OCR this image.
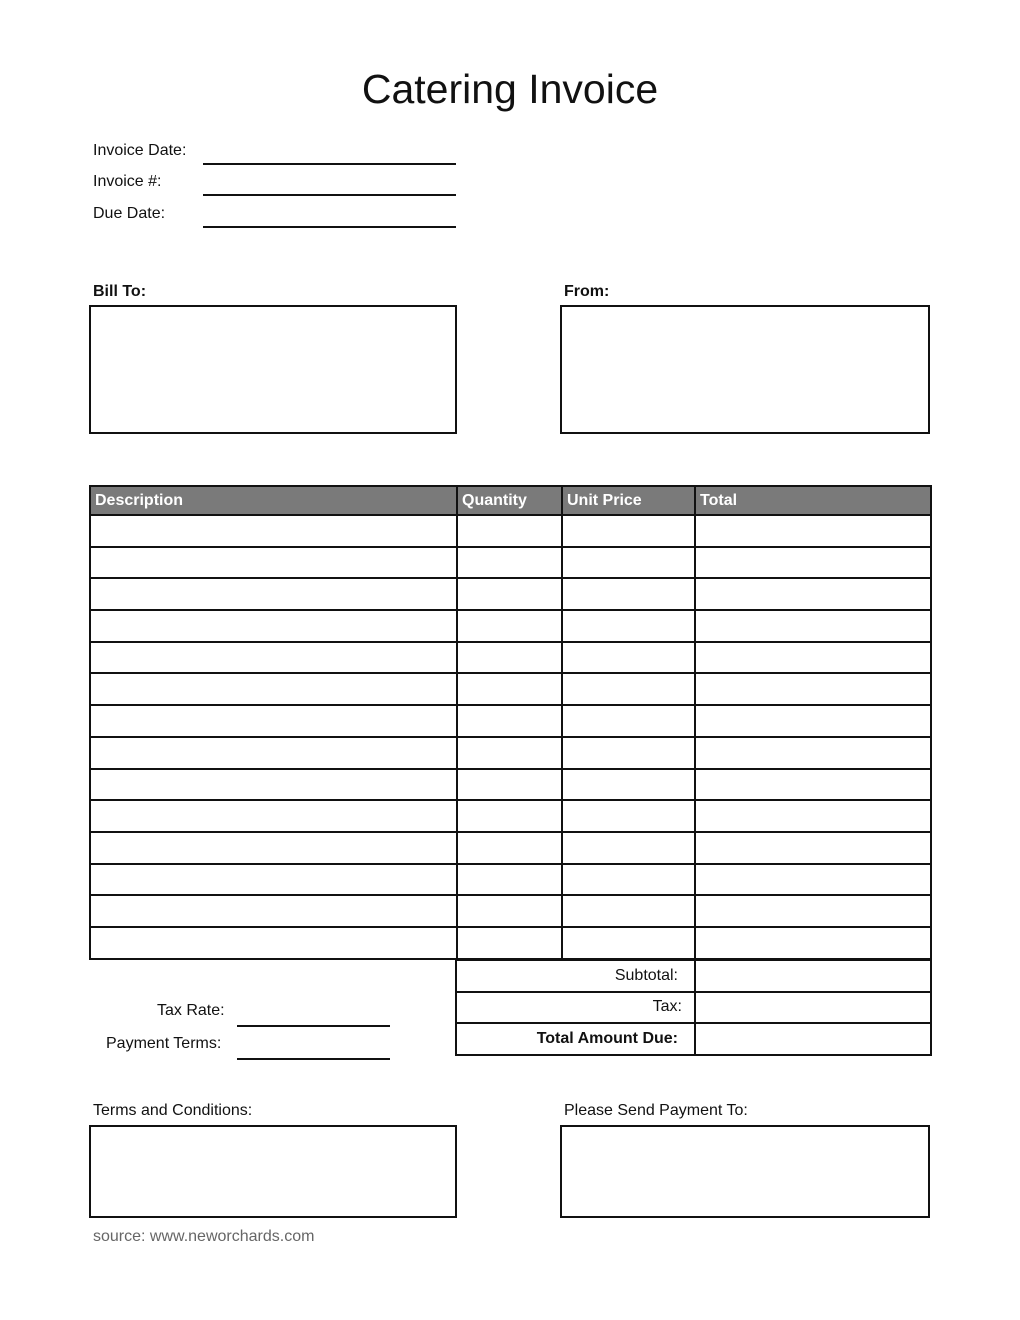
Catering Invoice
Invoice Date:
Invoice #:
Due Date:
Bill To:	From:
Description	Quantity	Unit Price	Total

Tax Rate:
Payment Terms:
Subtotal:	
Tax:	
Total Amount Due:	
Terms and Conditions:	Please Send Payment To:
source: www.neworchards.com
